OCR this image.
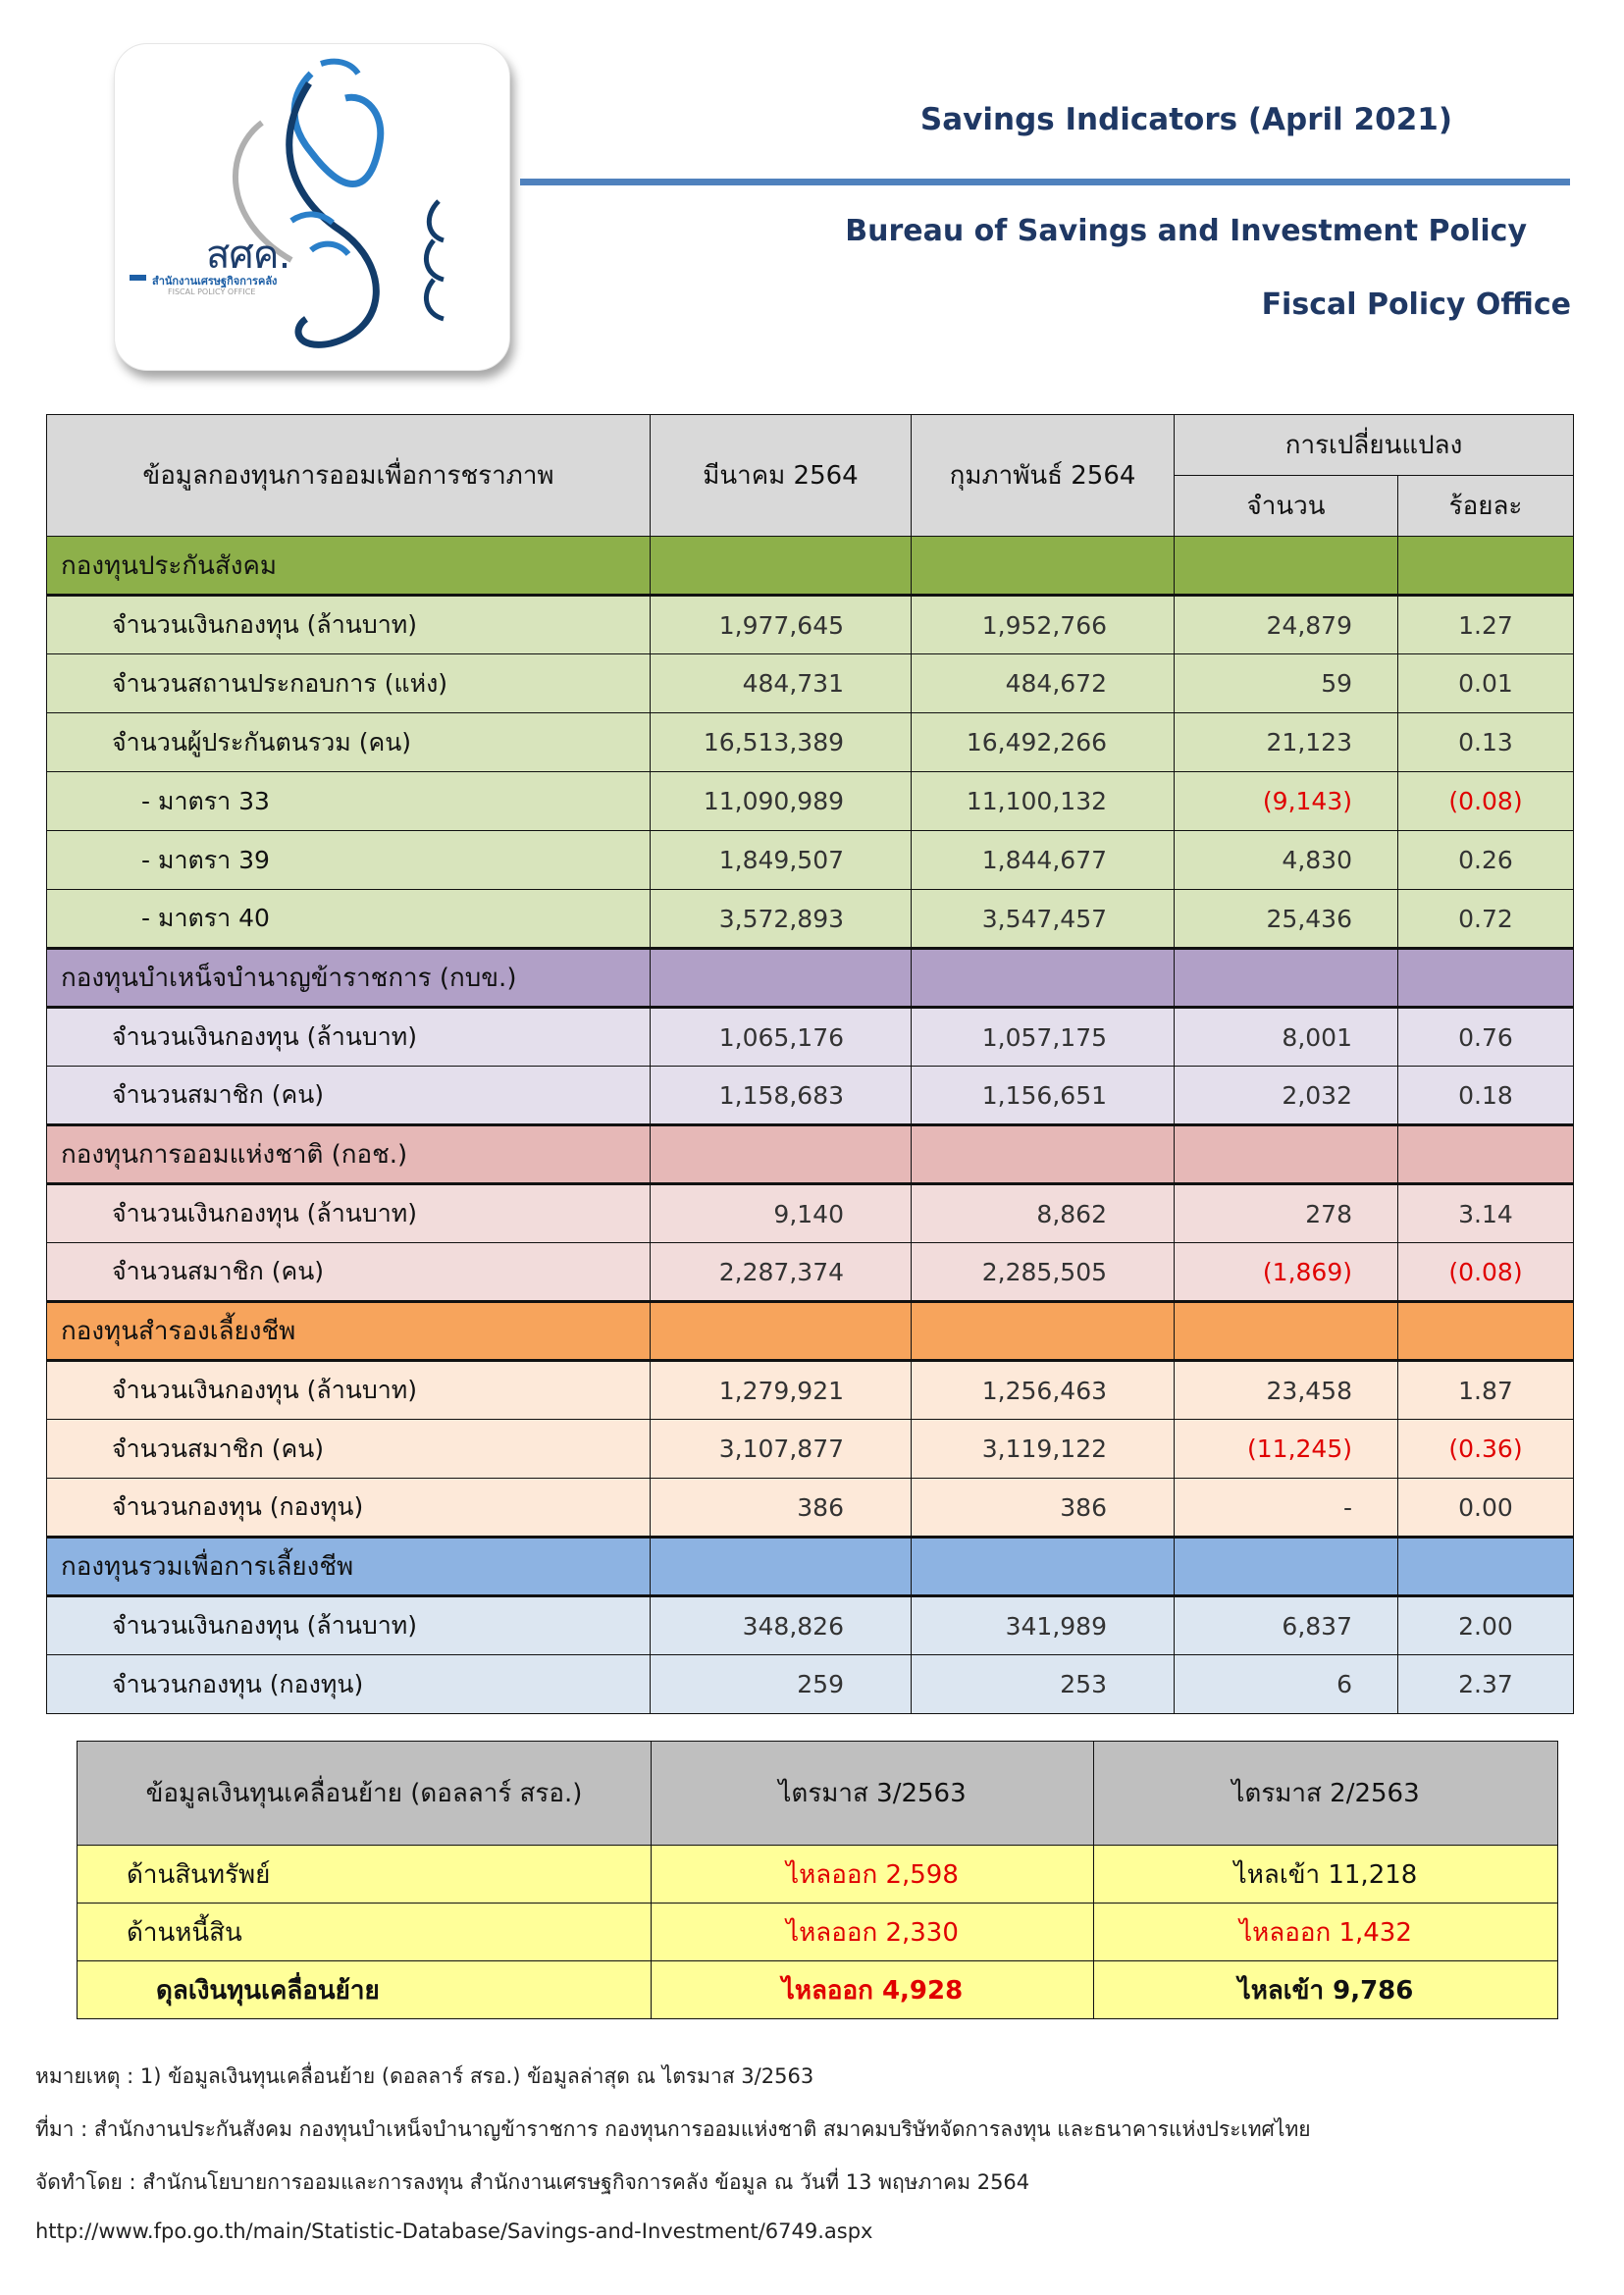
สศค.
สำนักงานเศรษฐกิจการคลัง
FISCAL POLICY OFFICE
Savings Indicators (April 2021)
Bureau of Savings and Investment Policy
Fiscal Policy Office
ข้อมูลกองทุนการออมเพื่อการชราภาพ	มีนาคม 2564	กุมภาพันธ์ 2564	การเปลี่ยนแปลง	
			จำนวน	ร้อยละ
กองทุนประกันสังคม				
จำนวนเงินกองทุน (ล้านบาท)	1,977,645	1,952,766	24,879	1.27
จำนวนสถานประกอบการ (แห่ง)	484,731	484,672	59	0.01
จำนวนผู้ประกันตนรวม (คน)	16,513,389	16,492,266	21,123	0.13
- มาตรา 33	11,090,989	11,100,132	(9,143)	(0.08)
- มาตรา 39	1,849,507	1,844,677	4,830	0.26
- มาตรา 40	3,572,893	3,547,457	25,436	0.72
กองทุนบำเหน็จบำนาญข้าราชการ (กบข.)				
จำนวนเงินกองทุน (ล้านบาท)	1,065,176	1,057,175	8,001	0.76
จำนวนสมาชิก (คน)	1,158,683	1,156,651	2,032	0.18
กองทุนการออมแห่งชาติ (กอช.)				
จำนวนเงินกองทุน (ล้านบาท)	9,140	8,862	278	3.14
จำนวนสมาชิก (คน)	2,287,374	2,285,505	(1,869)	(0.08)
กองทุนสำรองเลี้ยงชีพ				
จำนวนเงินกองทุน (ล้านบาท)	1,279,921	1,256,463	23,458	1.87
จำนวนสมาชิก (คน)	3,107,877	3,119,122	(11,245)	(0.36)
จำนวนกองทุน (กองทุน)	386	386	-	0.00
กองทุนรวมเพื่อการเลี้ยงชีพ				
จำนวนเงินกองทุน (ล้านบาท)	348,826	341,989	6,837	2.00
จำนวนกองทุน (กองทุน)	259	253	6	2.37
ข้อมูลเงินทุนเคลื่อนย้าย (ดอลลาร์ สรอ.)	ไตรมาส 3/2563	ไตรมาส 2/2563
ด้านสินทรัพย์	ไหลออก 2,598	ไหลเข้า 11,218
ด้านหนี้สิน	ไหลออก 2,330	ไหลออก 1,432
ดุลเงินทุนเคลื่อนย้าย	ไหลออก 4,928	ไหลเข้า 9,786
หมายเหตุ : 1) ข้อมูลเงินทุนเคลื่อนย้าย (ดอลลาร์ สรอ.) ข้อมูลล่าสุด ณ ไตรมาส 3/2563
ที่มา : สำนักงานประกันสังคม กองทุนบำเหน็จบำนาญข้าราชการ กองทุนการออมแห่งชาติ สมาคมบริษัทจัดการลงทุน และธนาคารแห่งประเทศไทย
จัดทำโดย : สำนักนโยบายการออมและการลงทุน สำนักงานเศรษฐกิจการคลัง ข้อมูล ณ วันที่ 13 พฤษภาคม 2564
http://www.fpo.go.th/main/Statistic-Database/Savings-and-Investment/6749.aspx
